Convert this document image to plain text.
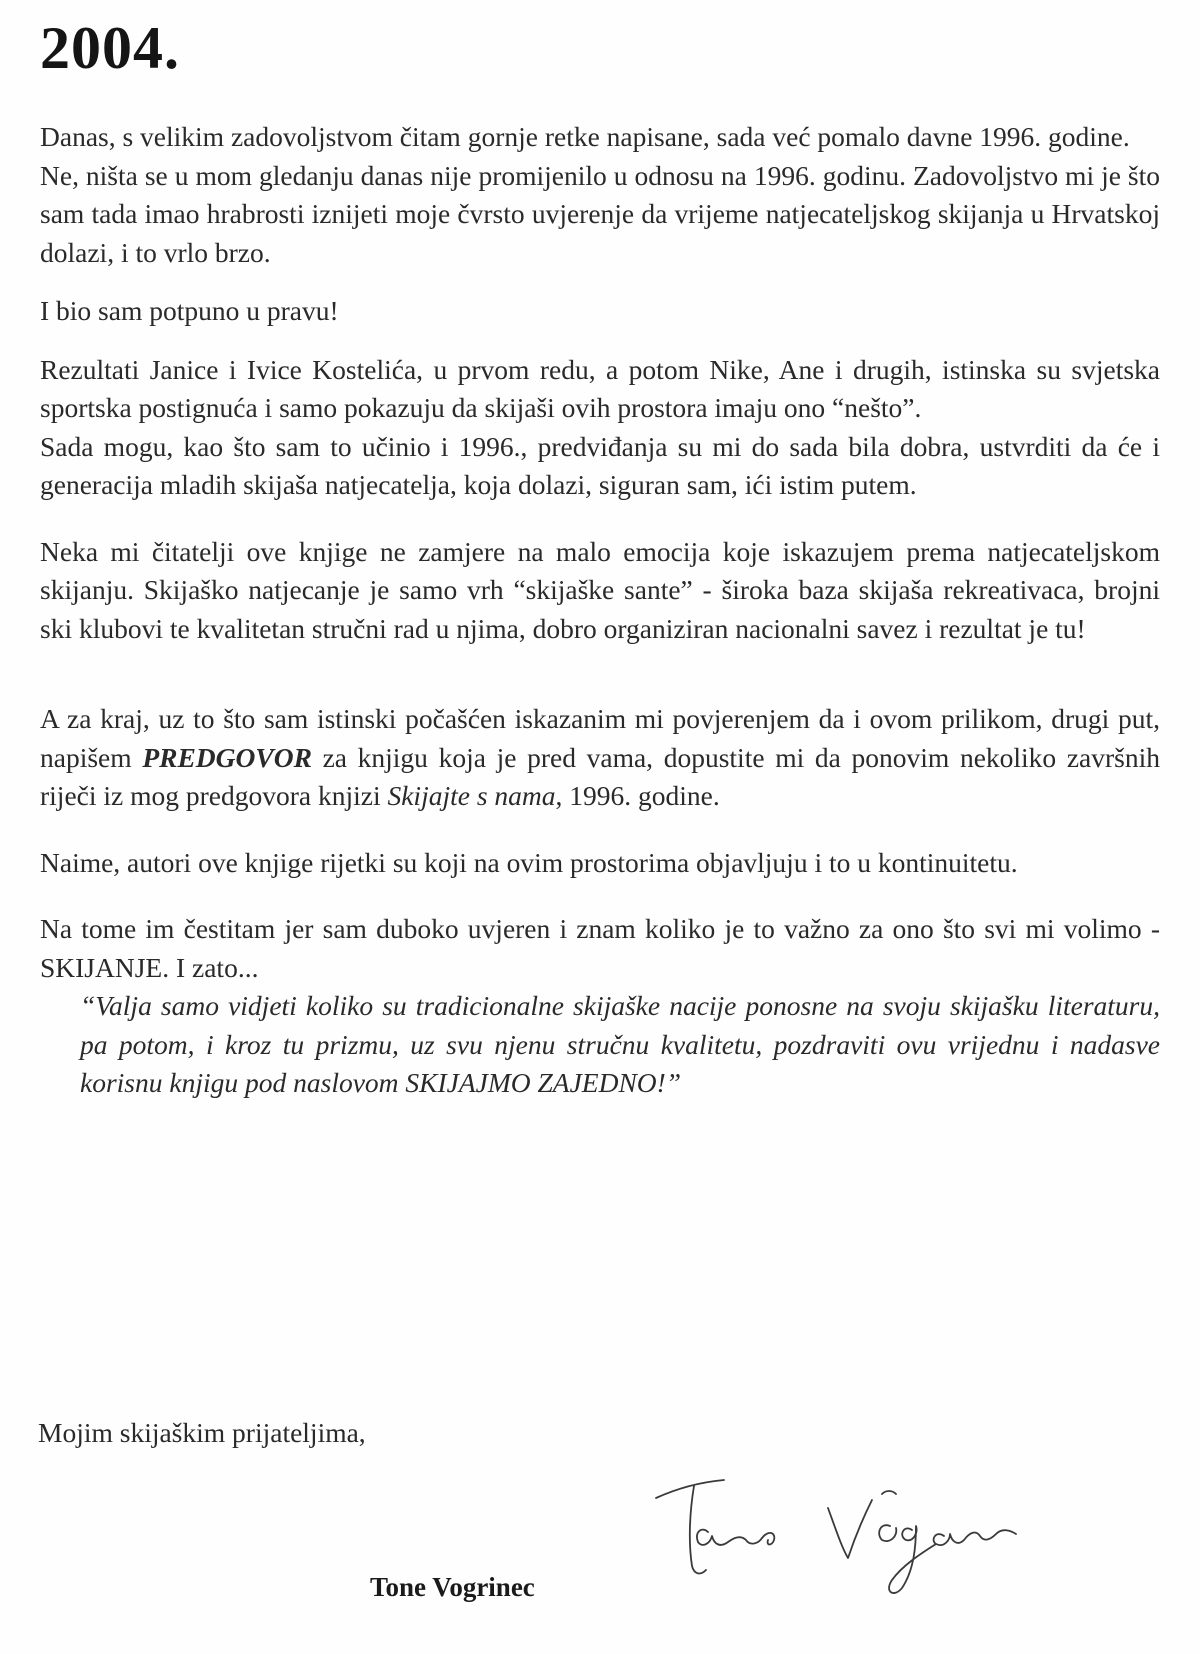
2004.

Danas, s velikim zadovoljstvom čitam gornje retke napisane, sada već pomalo davne 1996. godine.

Ne, ništa se u mom gledanju danas nije promijenilo u odnosu na 1996. godinu. Zadovoljstvo mi je što sam tada imao hrabrosti iznijeti moje čvrsto uvjerenje da vrijeme natjecateljskog skijanja u Hrvatskoj dolazi, i to vrlo brzo.

I bio sam potpuno u pravu!

Rezultati Janice i Ivice Kostelića, u prvom redu, a potom Nike, Ane i drugih, istinska su svjetska sportska postignuća i samo pokazuju da skijaši ovih prostora imaju ono “nešto”.

Sada mogu, kao što sam to učinio i 1996., predviđanja su mi do sada bila dobra, ustvrditi da će i generacija mladih skijaša natjecatelja, koja dolazi, siguran sam, ići istim putem.

Neka mi čitatelji ove knjige ne zamjere na malo emocija koje iskazujem prema natjecateljskom skijanju. Skijaško natjecanje je samo vrh “skijaške sante” - široka baza skijaša rekreativaca, brojni ski klubovi te kvalitetan stručni rad u njima, dobro organiziran nacionalni savez i rezultat je tu!

A za kraj, uz to što sam istinski počašćen iskazanim mi povjerenjem da i ovom prilikom, drugi put, napišem PREDGOVOR za knjigu koja je pred vama, dopustite mi da ponovim nekoliko završnih riječi iz mog predgovora knjizi Skijajte s nama, 1996. godine.

Naime, autori ove knjige rijetki su koji na ovim prostorima objavljuju i to u kontinuitetu.

Na tome im čestitam jer sam duboko uvjeren i znam koliko je to važno za ono što svi mi volimo - SKIJANJE. I zato...

“Valja samo vidjeti koliko su tradicionalne skijaške nacije ponosne na svoju skijašku literaturu, pa potom, i kroz tu prizmu, uz svu njenu stručnu kvalitetu, pozdraviti ovu vrijednu i nadasve korisnu knjigu pod naslovom SKIJAJMO ZAJEDNO!”

Mojim skijaškim prijateljima,

Tone Vogrinec
